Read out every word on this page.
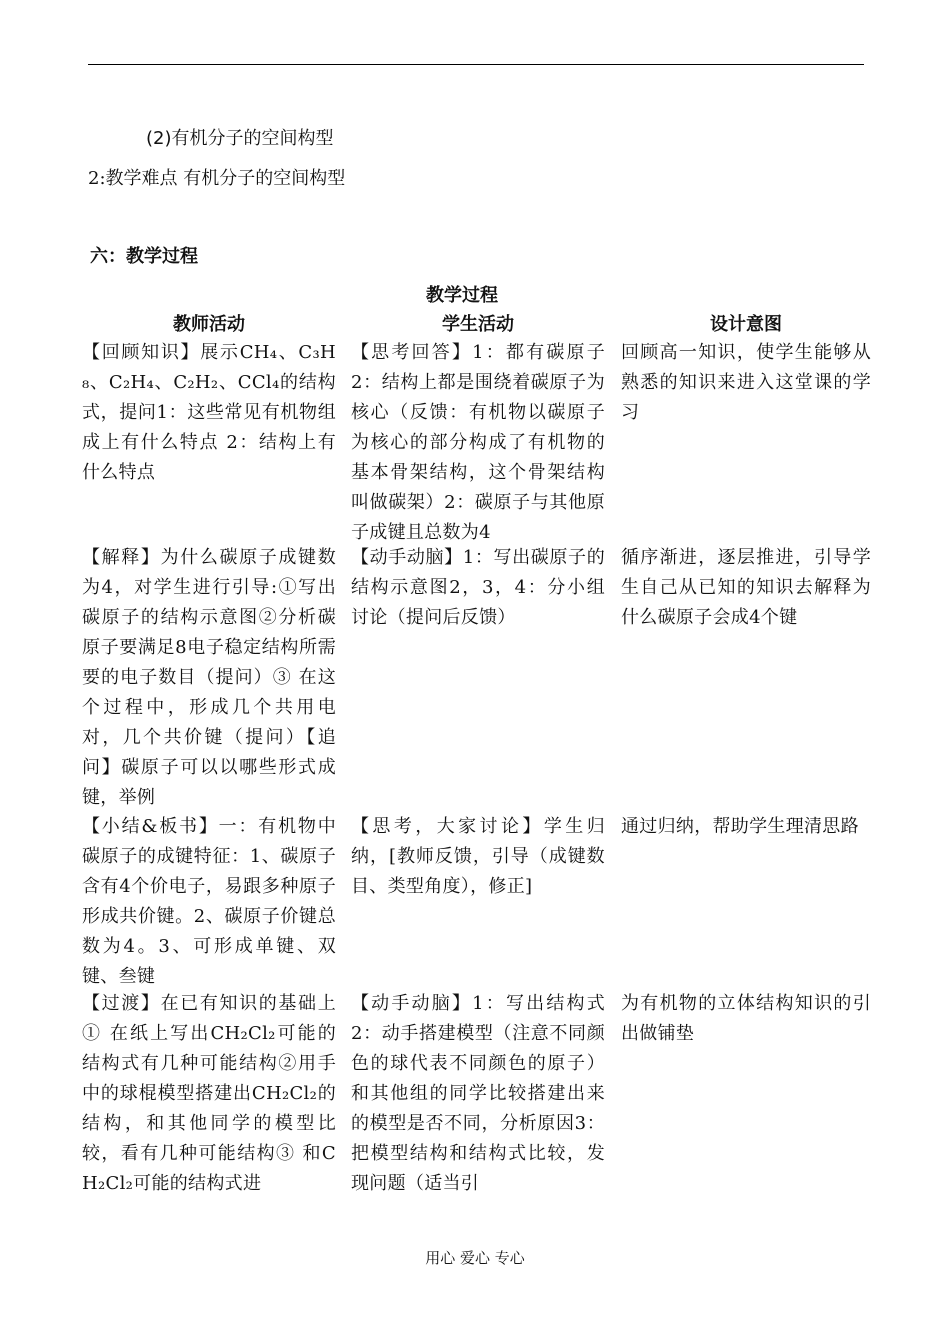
(2)有机分子的空间构型
2:教学难点 有机分子的空间构型
六：教学过程
教学过程
教师活动	学生活动	设计意图
【回顾知识】展示CH₄、C₃H₈、C₂H₄、C₂H₂、CCl₄的结构式，提问1：这些常见有机物组成上有什么特点 2：结构上有什么特点
【思考回答】1：都有碳原子2：结构上都是围绕着碳原子为核心（反馈：有机物以碳原子为核心的部分构成了有机物的基本骨架结构，这个骨架结构叫做碳架）2：碳原子与其他原子成键且总数为4
回顾高一知识，使学生能够从熟悉的知识来进入这堂课的学习
【解释】为什么碳原子成键数为4，对学生进行引导:①写出碳原子的结构示意图②分析碳原子要满足8电子稳定结构所需要的电子数目（提问）③ 在这个过程中，形成几个共用电对，几个共价键（提问）【追问】碳原子可以以哪些形式成键，举例
【动手动脑】1：写出碳原子的结构示意图2，3，4：分小组讨论（提问后反馈）
循序渐进，逐层推进，引导学生自己从已知的知识去解释为什么碳原子会成4个键
【小结&板书】一：有机物中碳原子的成键特征：1、碳原子含有4个价电子，易跟多种原子形成共价键。2、碳原子价键总数为4。3、可形成单键、双键、叁键
【思考，大家讨论】学生归纳，[教师反馈，引导（成键数目、类型角度），修正]
通过归纳，帮助学生理清思路
【过渡】在已有知识的基础上① 在纸上写出CH₂Cl₂可能的结构式有几种可能结构②用手中的球棍模型搭建出CH₂Cl₂的结构，和其他同学的模型比较，看有几种可能结构③ 和CH₂Cl₂可能的结构式进
【动手动脑】1：写出结构式2：动手搭建模型（注意不同颜色的球代表不同颜色的原子）和其他组的同学比较搭建出来的模型是否不同，分析原因3：把模型结构和结构式比较，发现问题（适当引
为有机物的立体结构知识的引出做铺垫
用心 爱心 专心
